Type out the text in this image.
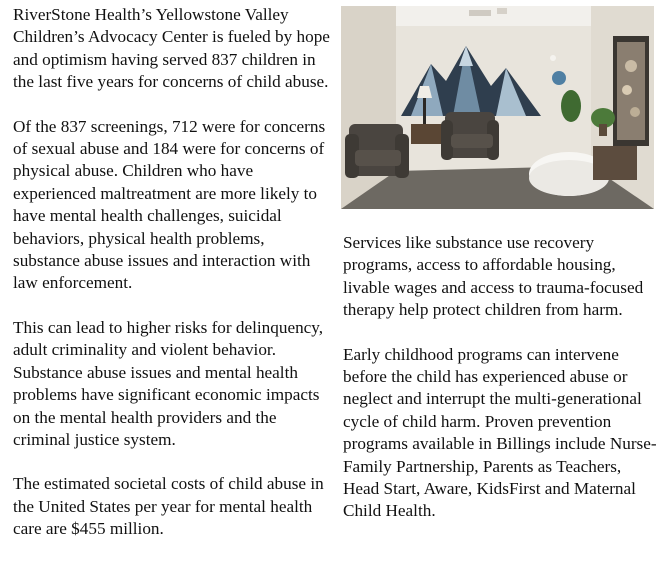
RiverStone Health’s Yellowstone Valley Children’s Advocacy Center is fueled by hope and optimism having served 837 children in the last five years for concerns of child abuse.

Of the 837 screenings, 712 were for concerns of sexual abuse and 184 were for concerns of physical abuse. Children who have experienced maltreatment are more likely to have mental health challenges, suicidal behaviors, physical health problems, substance abuse issues and interaction with law enforcement.

This can lead to higher risks for delinquency, adult criminality and violent behavior. Substance abuse issues and mental health problems have significant economic impacts on the mental health providers and the criminal justice system.

The estimated societal costs of child abuse in the United States per year for mental health care are $455 million.

Services like substance use recovery programs, access to affordable housing, livable wages and access to trauma-focused therapy help protect children from harm.

Early childhood programs can intervene before the child has experienced abuse or neglect and interrupt the multi-generational cycle of child harm. Proven prevention programs available in Billings include Nurse-Family Partnership, Parents as Teachers, Head Start, Aware, KidsFirst and Maternal Child Health.
